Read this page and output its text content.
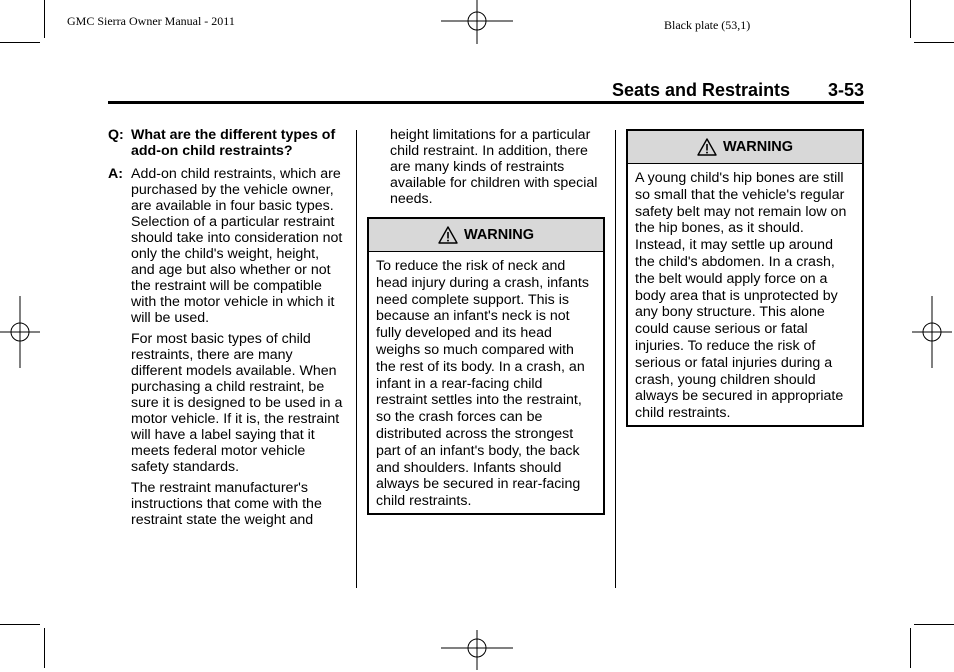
GMC Sierra Owner Manual - 2011	Black plate (53,1)
Seats and Restraints 3-53
Q: What are the different types of add-on child restraints?
A: Add-on child restraints, which are purchased by the vehicle owner, are available in four basic types. Selection of a particular restraint should take into consideration not only the child's weight, height, and age but also whether or not the restraint will be compatible with the motor vehicle in which it will be used.

For most basic types of child restraints, there are many different models available. When purchasing a child restraint, be sure it is designed to be used in a motor vehicle. If it is, the restraint will have a label saying that it meets federal motor vehicle safety standards.

The restraint manufacturer's instructions that come with the restraint state the weight and

height limitations for a particular child restraint. In addition, there are many kinds of restraints available for children with special needs.

WARNING
To reduce the risk of neck and head injury during a crash, infants need complete support. This is because an infant's neck is not fully developed and its head weighs so much compared with the rest of its body. In a crash, an infant in a rear-facing child restraint settles into the restraint, so the crash forces can be distributed across the strongest part of an infant's body, the back and shoulders. Infants should always be secured in rear-facing child restraints.
WARNING
A young child's hip bones are still so small that the vehicle's regular safety belt may not remain low on the hip bones, as it should. Instead, it may settle up around the child's abdomen. In a crash, the belt would apply force on a body area that is unprotected by any bony structure. This alone could cause serious or fatal injuries. To reduce the risk of serious or fatal injuries during a crash, young children should always be secured in appropriate child restraints.
